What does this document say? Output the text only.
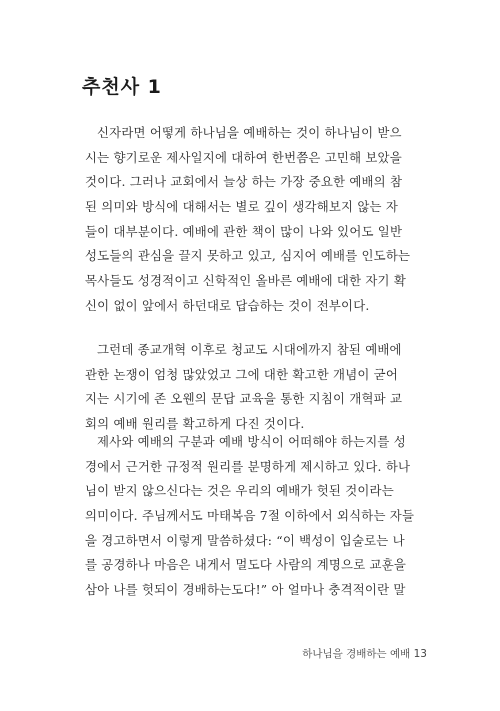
추천사 1
신자라면 어떻게 하나님을 예배하는 것이 하나님이 받으
시는 향기로운 제사일지에 대하여 한번쯤은 고민해 보았을
것이다. 그러나 교회에서 늘상 하는 가장 중요한 예배의 참
된 의미와 방식에 대해서는 별로 깊이 생각해보지 않는 자
들이 대부분이다. 예배에 관한 책이 많이 나와 있어도 일반
성도들의 관심을 끌지 못하고 있고, 심지어 예배를 인도하는
목사들도 성경적이고 신학적인 올바른 예배에 대한 자기 확
신이 없이 앞에서 하던대로 답습하는 것이 전부이다.
그런데 종교개혁 이후로 청교도 시대에까지 참된 예배에
관한 논쟁이 엄청 많았었고 그에 대한 확고한 개념이 굳어
지는 시기에 존 오웬의 문답 교육을 통한 지침이 개혁파 교
회의 예배 원리를 확고하게 다진 것이다.
제사와 예배의 구분과 예배 방식이 어떠해야 하는지를 성
경에서 근거한 규정적 원리를 분명하게 제시하고 있다. 하나
님이 받지 않으신다는 것은 우리의 예배가 헛된 것이라는
의미이다. 주님께서도 마태복음 7절 이하에서 외식하는 자들
을 경고하면서 이렇게 말씀하셨다: “이 백성이 입술로는 나
를 공경하나 마음은 내게서 멀도다 사람의 계명으로 교훈을
삼아 나를 헛되이 경배하는도다!” 아 얼마나 충격적이란 말
하나님을 경배하는 예배 13
